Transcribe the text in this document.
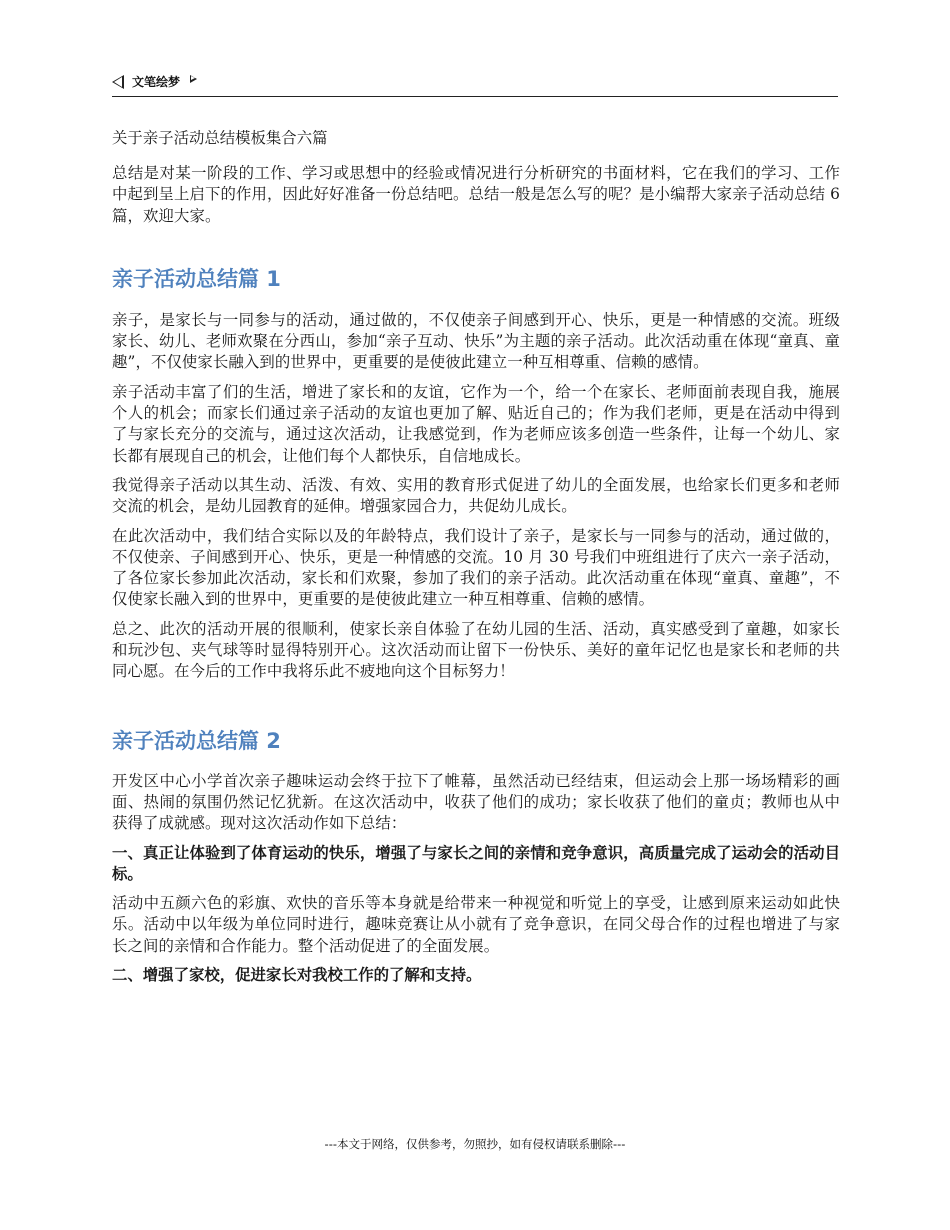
文笔绘梦

关于亲子活动总结模板集合六篇

总结是对某一阶段的工作、学习或思想中的经验或情况进行分析研究的书面材料，它在我们的学习、工作中起到呈上启下的作用，因此好好准备一份总结吧。总结一般是怎么写的呢？是小编帮大家亲子活动总结 6 篇，欢迎大家。

亲子活动总结篇 1

亲子，是家长与一同参与的活动，通过做的，不仅使亲子间感到开心、快乐，更是一种情感的交流。班级家长、幼儿、老师欢聚在分西山，参加“亲子互动、快乐”为主题的亲子活动。此次活动重在体现“童真、童趣”，不仅使家长融入到的世界中，更重要的是使彼此建立一种互相尊重、信赖的感情。

亲子活动丰富了们的生活，增进了家长和的友谊，它作为一个，给一个在家长、老师面前表现自我，施展个人的机会；而家长们通过亲子活动的友谊也更加了解、贴近自己的；作为我们老师，更是在活动中得到了与家长充分的交流与，通过这次活动，让我感觉到，作为老师应该多创造一些条件，让每一个幼儿、家长都有展现自己的机会，让他们每个人都快乐，自信地成长。

我觉得亲子活动以其生动、活泼、有效、实用的教育形式促进了幼儿的全面发展，也给家长们更多和老师交流的机会，是幼儿园教育的延伸。增强家园合力，共促幼儿成长。

在此次活动中，我们结合实际以及的年龄特点，我们设计了亲子，是家长与一同参与的活动，通过做的，不仅使亲、子间感到开心、快乐，更是一种情感的交流。10 月 30 号我们中班组进行了庆六一亲子活动，了各位家长参加此次活动，家长和们欢聚，参加了我们的亲子活动。此次活动重在体现“童真、童趣”，不仅使家长融入到的世界中，更重要的是使彼此建立一种互相尊重、信赖的感情。

总之、此次的活动开展的很顺利，使家长亲自体验了在幼儿园的生活、活动，真实感受到了童趣，如家长和玩沙包、夹气球等时显得特别开心。这次活动而让留下一份快乐、美好的童年记忆也是家长和老师的共同心愿。在今后的工作中我将乐此不疲地向这个目标努力！

亲子活动总结篇 2

开发区中心小学首次亲子趣味运动会终于拉下了帷幕，虽然活动已经结束，但运动会上那一场场精彩的画面、热闹的氛围仍然记忆犹新。在这次活动中，收获了他们的成功；家长收获了他们的童贞；教师也从中获得了成就感。现对这次活动作如下总结：

一、真正让体验到了体育运动的快乐，增强了与家长之间的亲情和竞争意识，高质量完成了运动会的活动目标。

活动中五颜六色的彩旗、欢快的音乐等本身就是给带来一种视觉和听觉上的享受，让感到原来运动如此快乐。活动中以年级为单位同时进行，趣味竞赛让从小就有了竞争意识，在同父母合作的过程也增进了与家长之间的亲情和合作能力。整个活动促进了的全面发展。

二、增强了家校，促进家长对我校工作的了解和支持。

---本文于网络，仅供参考，勿照抄，如有侵权请联系删除---
